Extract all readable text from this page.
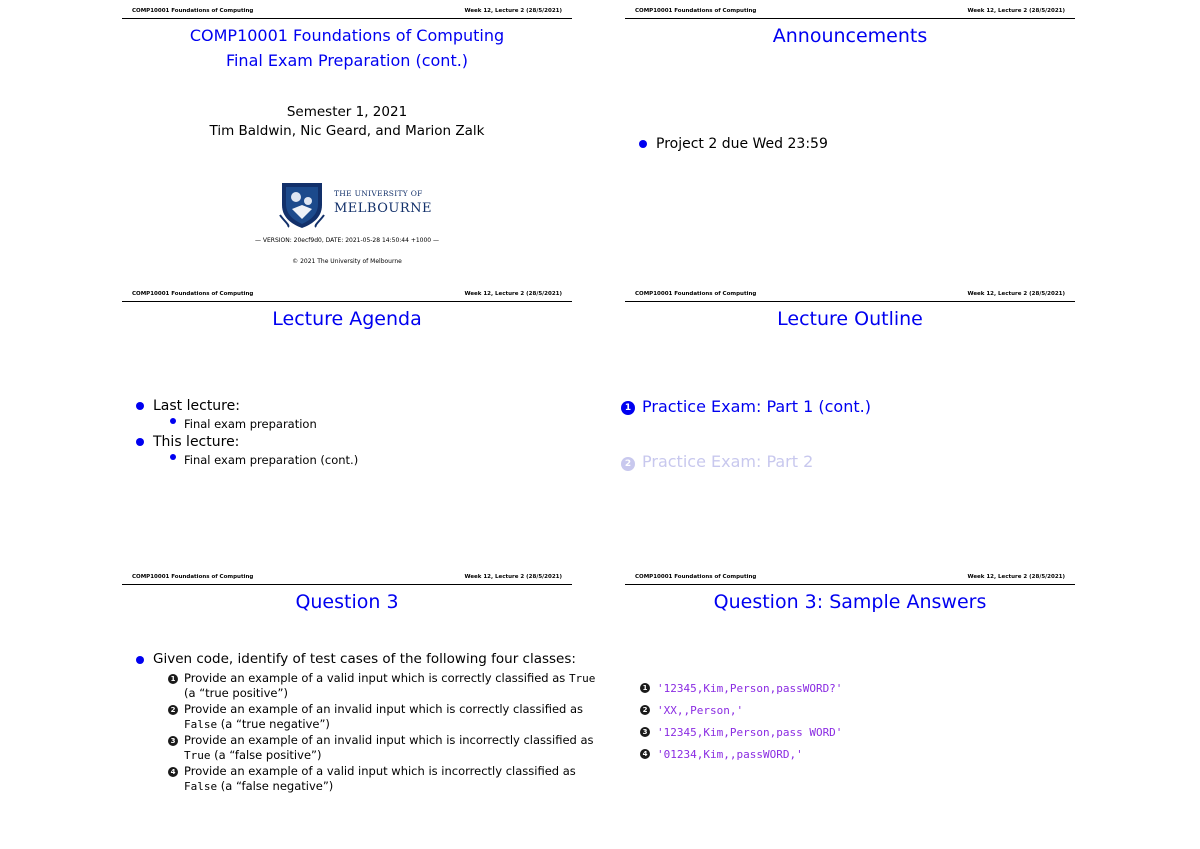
COMP10001 Foundations of Computing	Week 12, Lecture 2 (28/5/2021)
COMP10001 Foundations of Computing
Final Exam Preparation (cont.)
Semester 1, 2021
Tim Baldwin, Nic Geard, and Marion Zalk
THE UNIVERSITY OF
MELBOURNE
— VERSION: 20ecf9d0, DATE: 2021-05-28 14:50:44 +1000 —
© 2021 The University of Melbourne
COMP10001 Foundations of Computing	Week 12, Lecture 2 (28/5/2021)
Announcements
Project 2 due Wed 23:59
COMP10001 Foundations of Computing	Week 12, Lecture 2 (28/5/2021)
Lecture Agenda
Last lecture:
Final exam preparation
This lecture:
Final exam preparation (cont.)
COMP10001 Foundations of Computing	Week 12, Lecture 2 (28/5/2021)
Lecture Outline
1 Practice Exam: Part 1 (cont.)
2 Practice Exam: Part 2
COMP10001 Foundations of Computing	Week 12, Lecture 2 (28/5/2021)
Question 3
Given code, identify of test cases of the following four classes:
1 Provide an example of a valid input which is correctly classified as True
(a “true positive”)
2 Provide an example of an invalid input which is correctly classified as
False (a “true negative”)
3 Provide an example of an invalid input which is incorrectly classified as
True (a “false positive”)
4 Provide an example of a valid input which is incorrectly classified as
False (a “false negative”)
COMP10001 Foundations of Computing	Week 12, Lecture 2 (28/5/2021)
Question 3: Sample Answers
1 '12345,Kim,Person,passWORD?'
2 'XX,,Person,'
3 '12345,Kim,Person,pass WORD'
4 '01234,Kim,,passWORD,'
